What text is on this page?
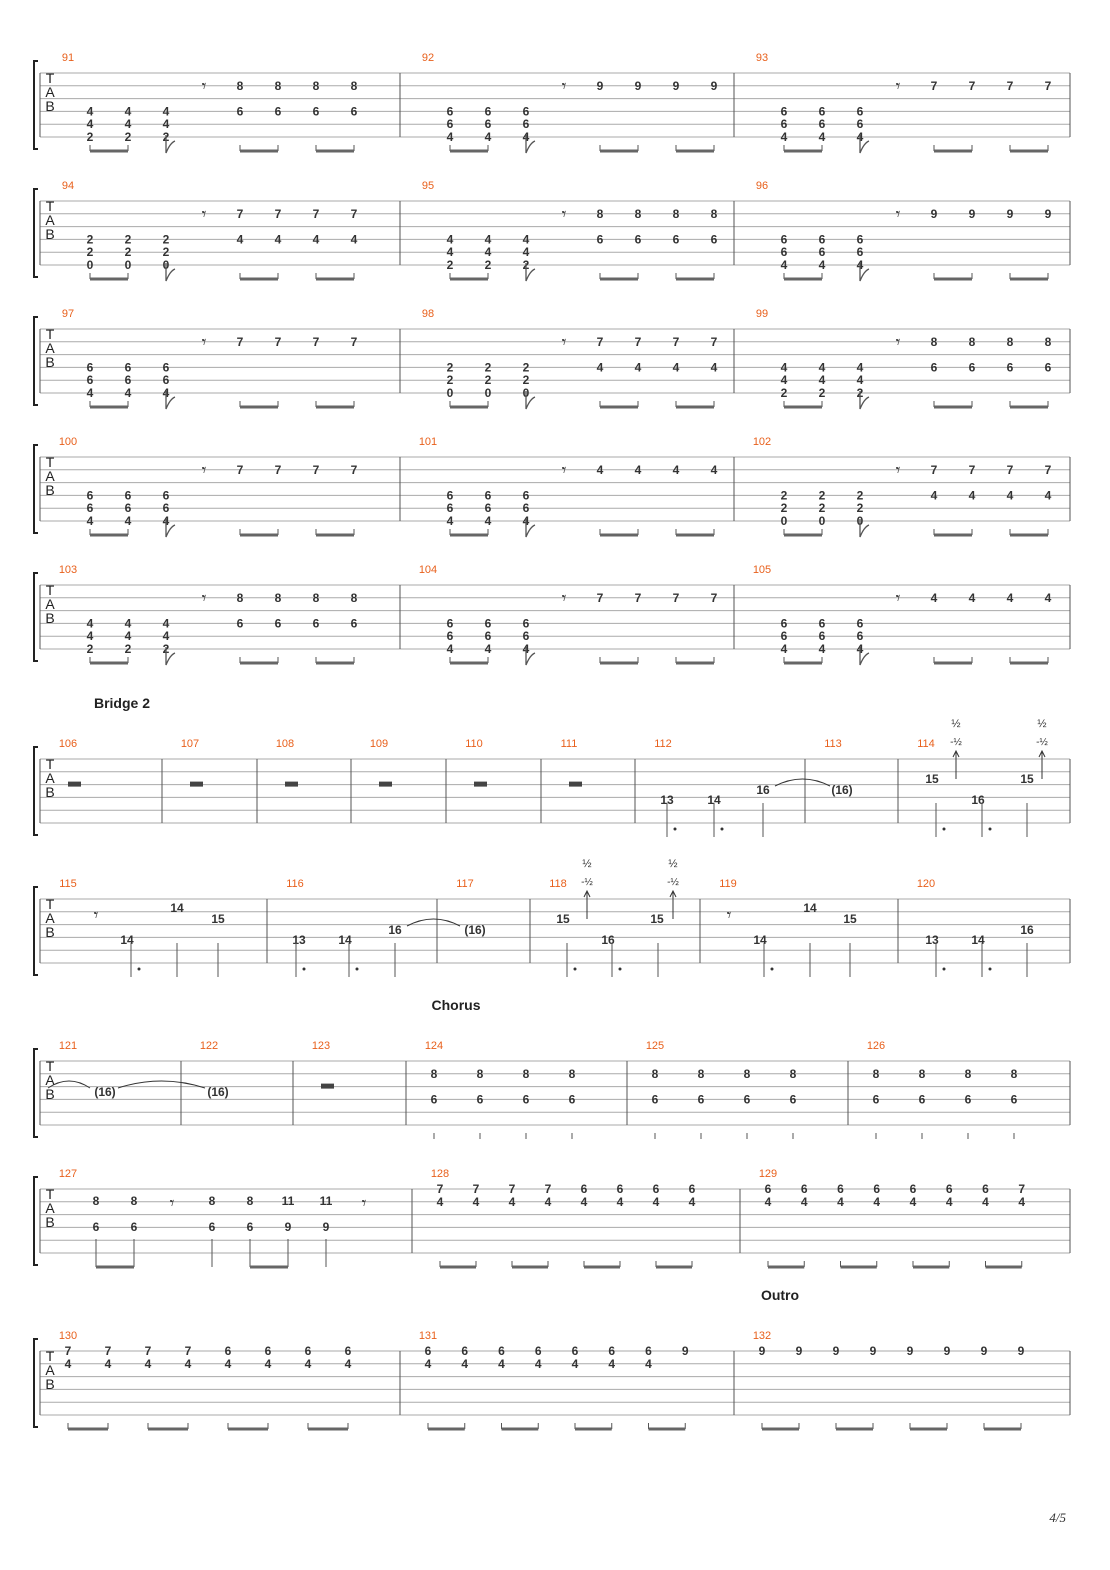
T
A
B
91
4
4
2
4
4
2
4
4
2
𝄾	8
6
8
6
8
6
8
6
92
6
6
4
6
6
4
6
6
4
𝄾	9	9	9	9
93
6
6
4
6
6
4
6
6
4
𝄾	7	7	7	7
T
A
B
94
2
2
0
2
2
0
2
2
0
𝄾	7
4
7
4
7
4
7
4
95
4
4
2
4
4
2
4
4
2
𝄾	8
6
8
6
8
6
8
6
96
6
6
4
6
6
4
6
6
4
𝄾	9	9	9	9
T
A
B
97
6
6
4
6
6
4
6
6
4
𝄾	7	7	7	7
98
2
2
0
2
2
0
2
2
0
𝄾	7
4
7
4
7
4
7
4
99
4
4
2
4
4
2
4
4
2
𝄾	8
6
8
6
8
6
8
6
T
A
B
100
6
6
4
6
6
4
6
6
4
𝄾	7	7	7	7
101
6
6
4
6
6
4
6
6
4
𝄾	4	4	4	4
102
2
2
0
2
2
0
2
2
0
𝄾	7
4
7
4
7
4
7
4
T
A
B
103
4
4
2
4
4
2
4
4
2
𝄾	8
6
8
6
8
6
8
6
104
6
6
4
6
6
4
6
6
4
𝄾	7	7	7	7
105
6
6
4
6
6
4
6
6
4
𝄾	4	4	4	4
T
A
B
Bridge 2
106	107	108	109	110	111	112	113	114
T
A
B
115	116	117	118	119	120
T
A
B
Chorus
121	122	123	124
8
6
8
6
8
6
8
6
125
8
6
8
6
8
6
8
6
126
8
6
8
6
8
6
8
6
T
A
B
127	128
7
4
7
4
7
4
7
4
6
4
6
4
6
4
6
4
129
6
4
6
4
6
4
6
4
6
4
6
4
6
4
7
4
T
A
B
Outro
130
7
4
7
4
7
4
7
4
6
4
6
4
6
4
6
4
131
6
4
6
4
6
4
6
4
6
4
6
4
6
4
9
132
9	9	9	9	9	9	9	9
13	14
16	(16)
15
½
-½
16
15
½
-½
𝄾
14
14
15
13	14
16	(16)
15
½
-½
16
15
½
-½
𝄾
14
14
15
13	14
16
(16)	(16)
8
6
8
6
8
6
8
6
11
9
11
9
𝄾	𝄾
4/5
